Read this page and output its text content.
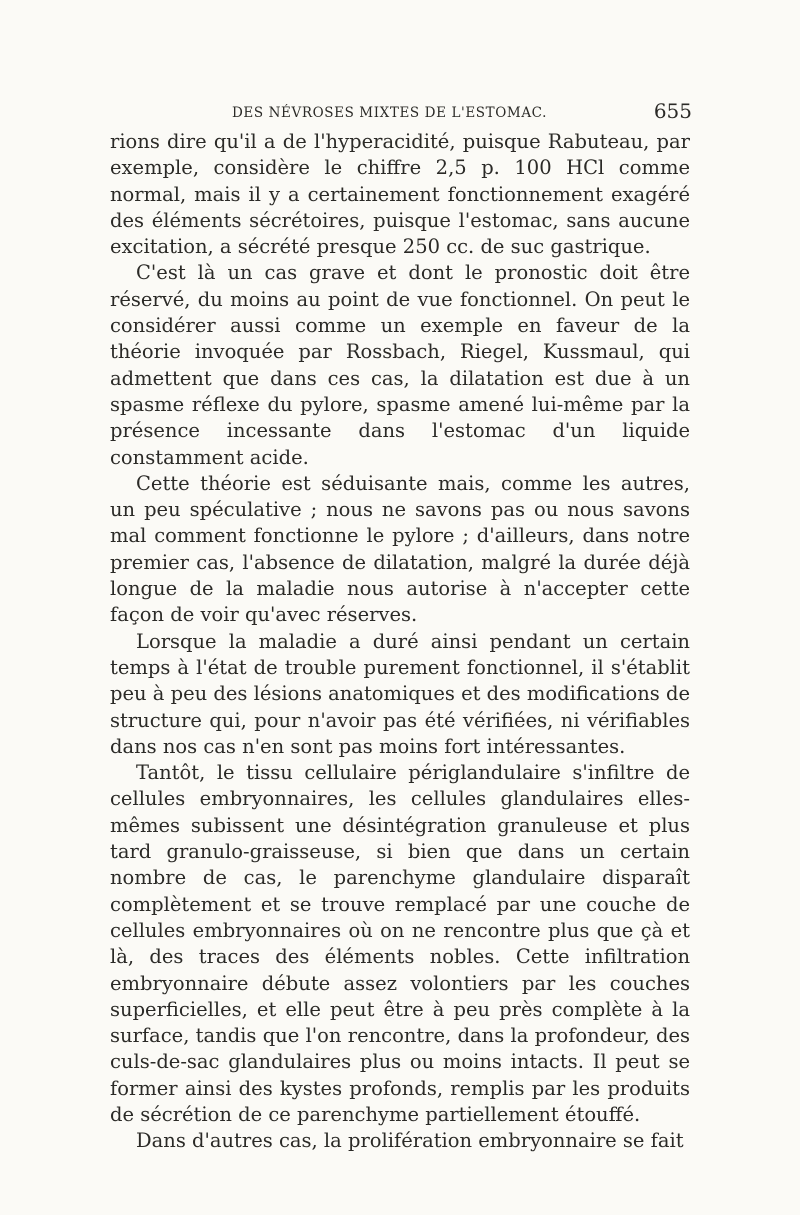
DES NÉVROSES MIXTES DE L'ESTOMAC.	655

rions dire qu'il a de l'hyperacidité, puisque Rabuteau, par exemple, considère le chiffre 2,5 p. 100 HCl comme normal, mais il y a certainement fonctionnement exagéré des éléments sécrétoires, puisque l'estomac, sans aucune excitation, a sécrété presque 250 cc. de suc gastrique.

C'est là un cas grave et dont le pronostic doit être réservé, du moins au point de vue fonctionnel. On peut le considérer aussi comme un exemple en faveur de la théorie invoquée par Rossbach, Riegel, Kussmaul, qui admettent que dans ces cas, la dilatation est due à un spasme réflexe du pylore, spasme amené lui-même par la présence incessante dans l'estomac d'un liquide constamment acide.

Cette théorie est séduisante mais, comme les autres, un peu spéculative ; nous ne savons pas ou nous savons mal comment fonctionne le pylore ; d'ailleurs, dans notre premier cas, l'absence de dilatation, malgré la durée déjà longue de la maladie nous autorise à n'accepter cette façon de voir qu'avec réserves.

Lorsque la maladie a duré ainsi pendant un certain temps à l'état de trouble purement fonctionnel, il s'établit peu à peu des lésions anatomiques et des modifications de structure qui, pour n'avoir pas été vérifiées, ni vérifiables dans nos cas n'en sont pas moins fort intéressantes.

Tantôt, le tissu cellulaire périglandulaire s'infiltre de cellules embryonnaires, les cellules glandulaires elles-mêmes subissent une désintégration granuleuse et plus tard granulo-graisseuse, si bien que dans un certain nombre de cas, le parenchyme glandulaire disparaît complètement et se trouve remplacé par une couche de cellules embryonnaires où on ne rencontre plus que çà et là, des traces des éléments nobles. Cette infiltration embryonnaire débute assez volontiers par les couches superficielles, et elle peut être à peu près complète à la surface, tandis que l'on rencontre, dans la profondeur, des culs-de-sac glandulaires plus ou moins intacts. Il peut se former ainsi des kystes profonds, remplis par les produits de sécrétion de ce parenchyme partiellement étouffé.

Dans d'autres cas, la prolifération embryonnaire se fait
